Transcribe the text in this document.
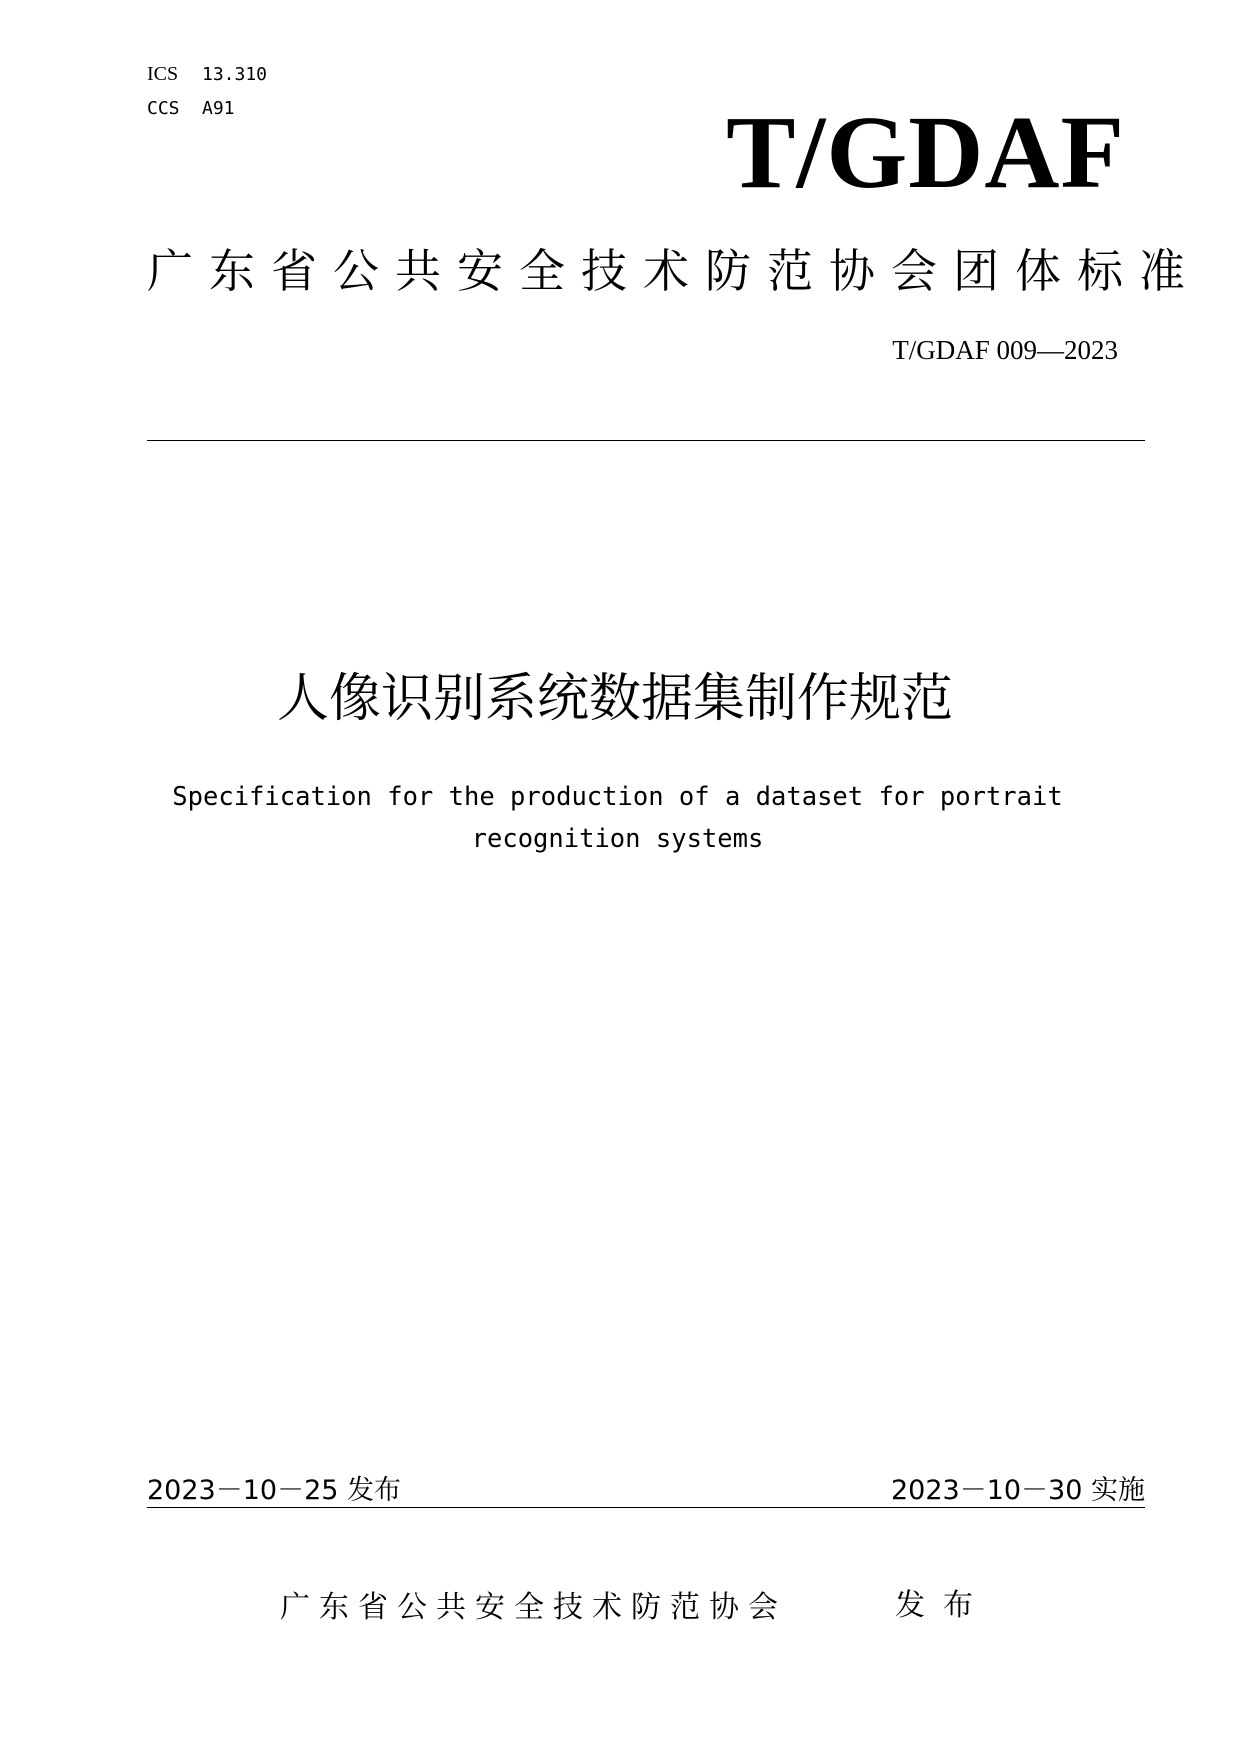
ICS 13.310
CCS A91	T/GDAF
广东省公共安全技术防范协会团体标准
T/GDAF 009—2023
人像识别系统数据集制作规范
Specification for the production of a dataset for portrait recognition systems
2023－10－25 发布	2023－10－30 实施
广东省公共安全技术防范协会	发布
